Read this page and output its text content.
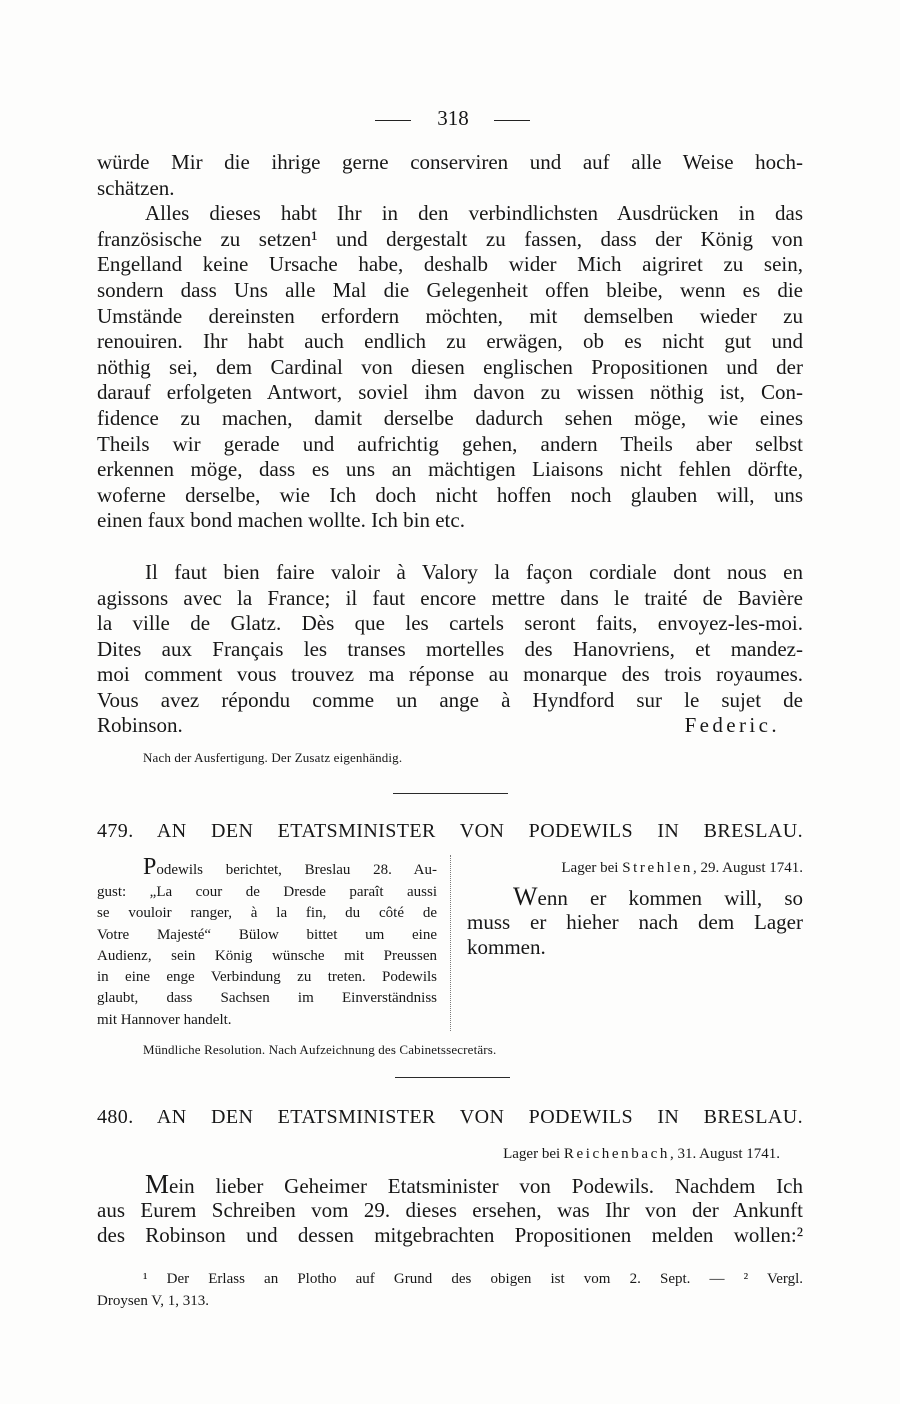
318
würde Mir die ihrige gerne conserviren und auf alle Weise hoch-
schätzen.
Alles dieses habt Ihr in den verbindlichsten Ausdrücken in das
französische zu setzen¹ und dergestalt zu fassen, dass der König von
Engelland keine Ursache habe, deshalb wider Mich aigriret zu sein,
sondern dass Uns alle Mal die Gelegenheit offen bleibe, wenn es die
Umstände dereinsten erfordern möchten, mit demselben wieder zu
renouiren. Ihr habt auch endlich zu erwägen, ob es nicht gut und
nöthig sei, dem Cardinal von diesen englischen Propositionen und der
darauf erfolgeten Antwort, soviel ihm davon zu wissen nöthig ist, Con-
fidence zu machen, damit derselbe dadurch sehen möge, wie eines
Theils wir gerade und aufrichtig gehen, andern Theils aber selbst
erkennen möge, dass es uns an mächtigen Liaisons nicht fehlen dörfte,
woferne derselbe, wie Ich doch nicht hoffen noch glauben will, uns
einen faux bond machen wollte. Ich bin etc.
Il faut bien faire valoir à Valory la façon cordiale dont nous en
agissons avec la France; il faut encore mettre dans le traité de Bavière
la ville de Glatz. Dès que les cartels seront faits, envoyez-les-moi.
Dites aux Français les transes mortelles des Hanovriens, et mandez-
moi comment vous trouvez ma réponse au monarque des trois royaumes.
Vous avez répondu comme un ange à Hyndford sur le sujet de
Robinson.	Federic.
Nach der Ausfertigung. Der Zusatz eigenhändig.
479. AN DEN ETATSMINISTER VON PODEWILS IN BRESLAU.
Podewils berichtet, Breslau 28. Au-
gust: „La cour de Dresde paraît aussi
se vouloir ranger, à la fin, du côté de
Votre Majesté“ Bülow bittet um eine
Audienz, sein König wünsche mit Preussen
in eine enge Verbindung zu treten. Podewils
glaubt, dass Sachsen im Einverständniss
mit Hannover handelt.
Lager bei Strehlen, 29. August 1741.
Wenn er kommen will, so
muss er hieher nach dem Lager
kommen.
Mündliche Resolution. Nach Aufzeichnung des Cabinetssecretärs.
480. AN DEN ETATSMINISTER VON PODEWILS IN BRESLAU.
Lager bei Reichenbach, 31. August 1741.
Mein lieber Geheimer Etatsminister von Podewils. Nachdem Ich
aus Eurem Schreiben vom 29. dieses ersehen, was Ihr von der Ankunft
des Robinson und dessen mitgebrachten Propositionen melden wollen:²
¹ Der Erlass an Plotho auf Grund des obigen ist vom 2. Sept. — ² Vergl.
Droysen V, 1, 313.
